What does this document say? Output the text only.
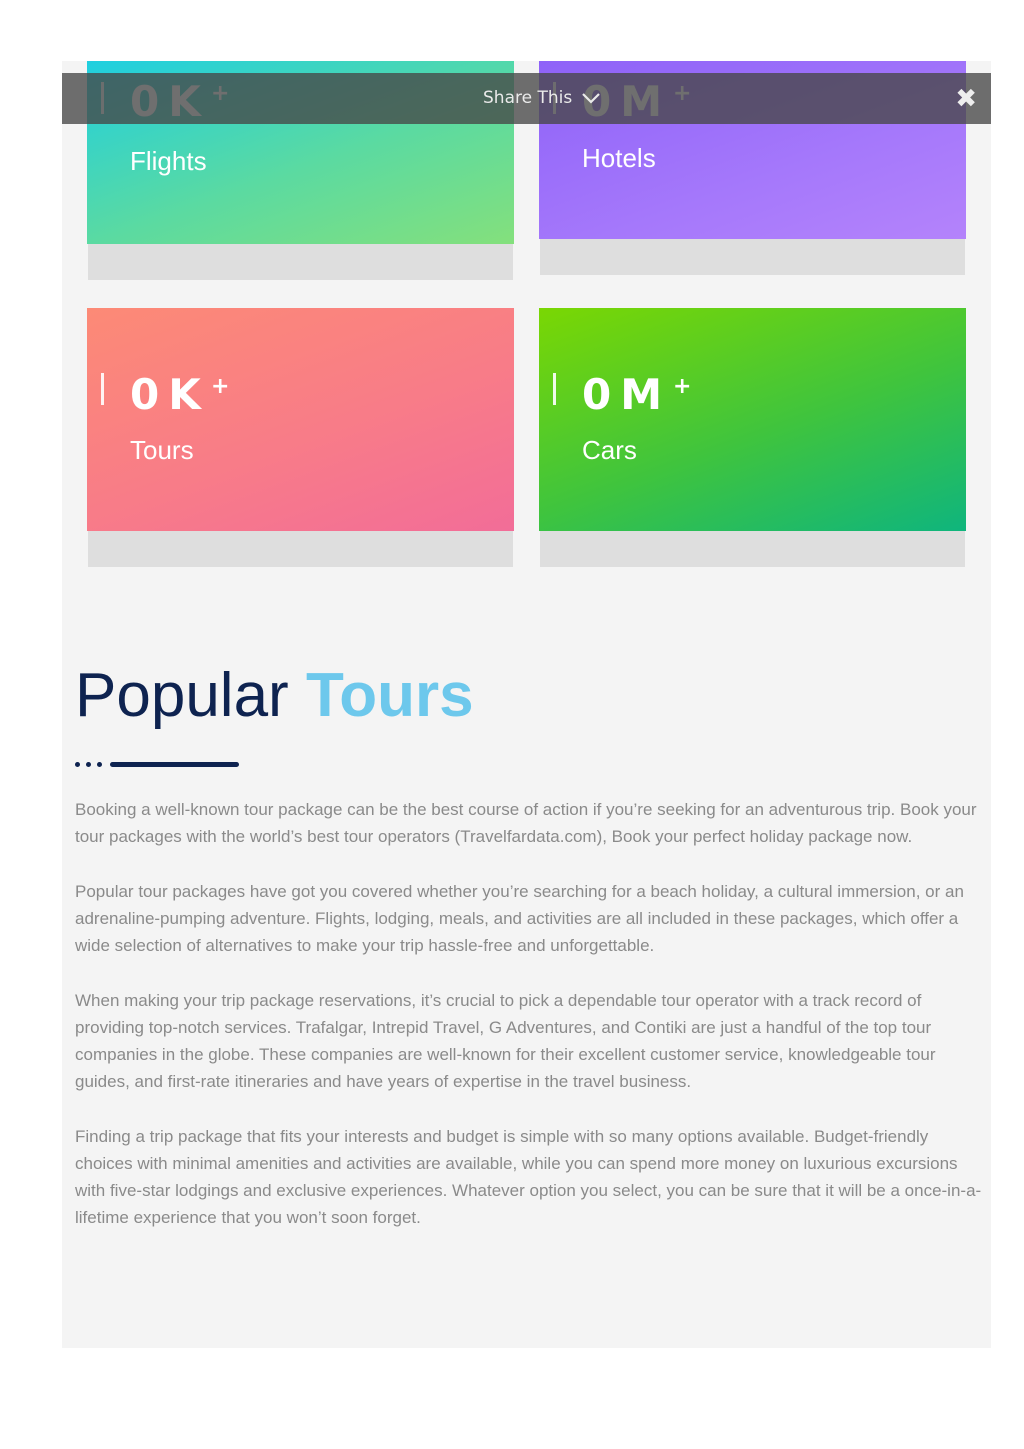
Flights	Hotels
0K +
Tours
0M +
Cars
Share This	✖
Popular Tours

Booking a well-known tour package can be the best course of action if you’re seeking for an adventurous trip. Book your tour packages with the world’s best tour operators (Travelfardata.com), Book your perfect holiday package now.

Popular tour packages have got you covered whether you’re searching for a beach holiday, a cultural immersion, or an adrenaline-pumping adventure. Flights, lodging, meals, and activities are all included in these packages, which offer a wide selection of alternatives to make your trip hassle-free and unforgettable.

When making your trip package reservations, it’s crucial to pick a dependable tour operator with a track record of providing top-notch services. Trafalgar, Intrepid Travel, G Adventures, and Contiki are just a handful of the top tour companies in the globe. These companies are well-known for their excellent customer service, knowledgeable tour guides, and first-rate itineraries and have years of expertise in the travel business.

Finding a trip package that fits your interests and budget is simple with so many options available. Budget-friendly choices with minimal amenities and activities are available, while you can spend more money on luxurious excursions with five-star lodgings and exclusive experiences. Whatever option you select, you can be sure that it will be a once-in-a-lifetime experience that you won’t soon forget.
